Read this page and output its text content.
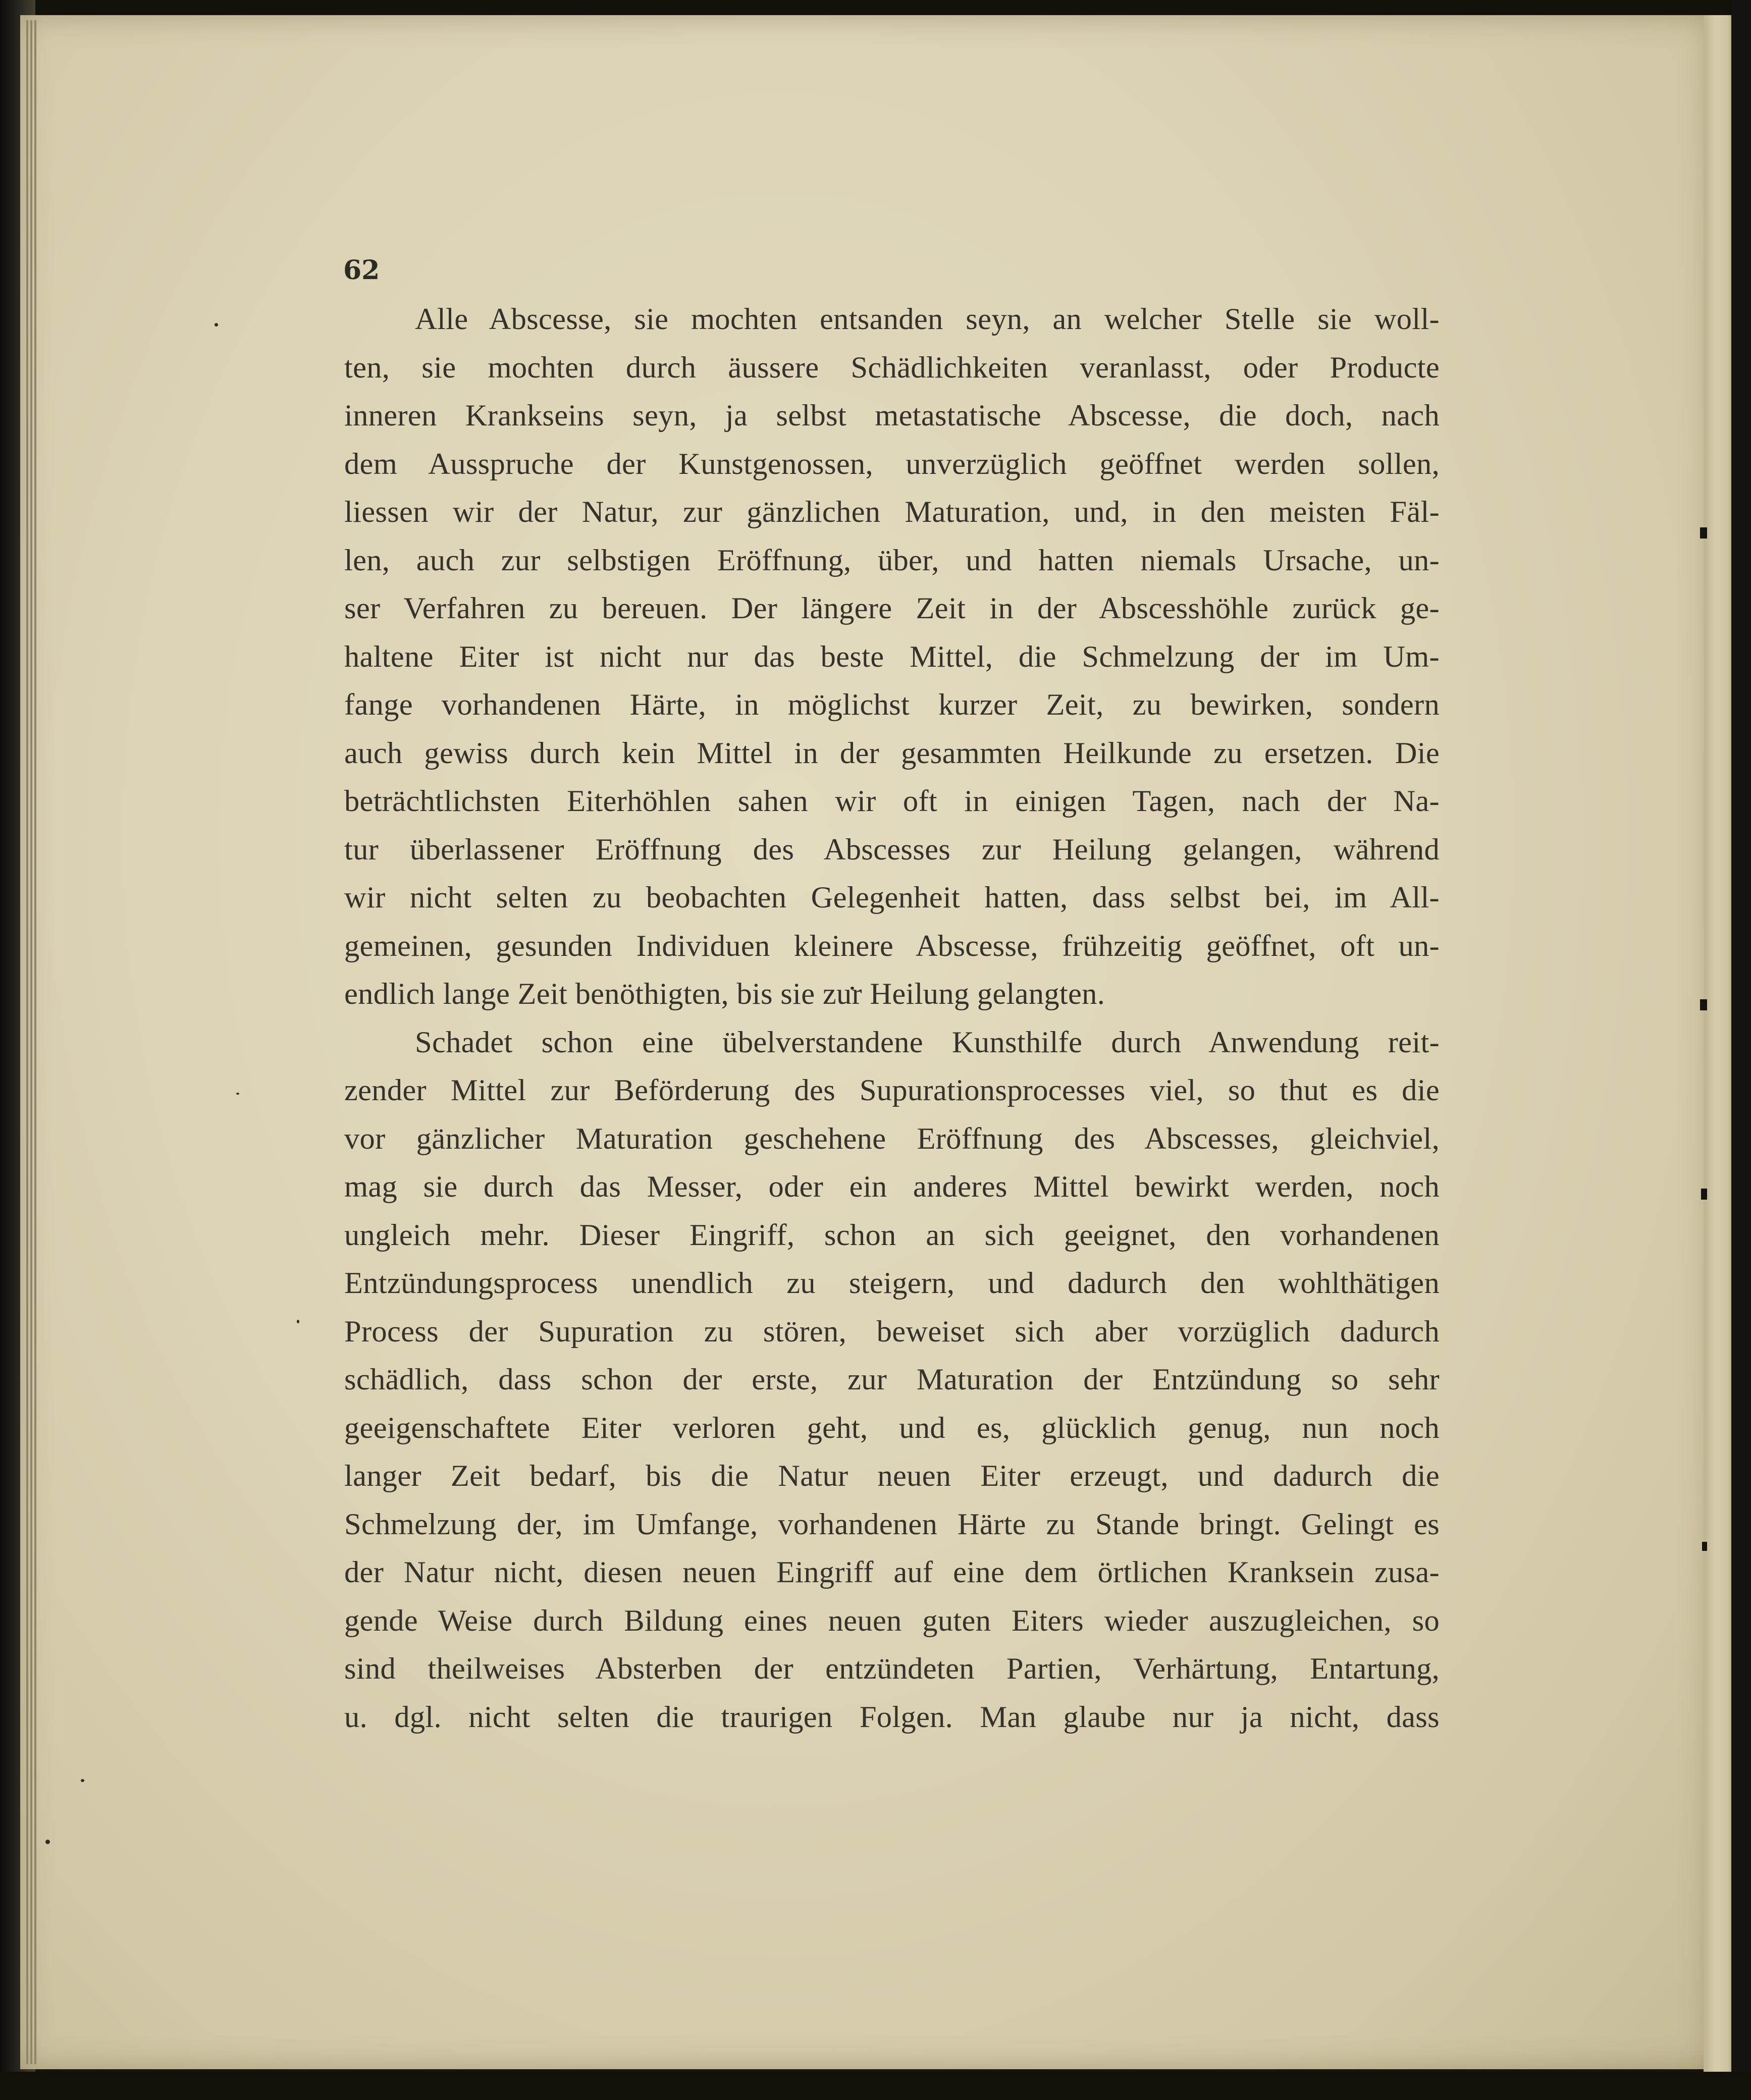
62

Alle Abscesse, sie mochten entsanden seyn, an welcher Stelle sie woll-
ten, sie mochten durch äussere Schädlichkeiten veranlasst, oder Producte
inneren Krankseins seyn, ja selbst metastatische Abscesse, die doch, nach
dem Ausspruche der Kunstgenossen, unverzüglich geöffnet werden sollen,
liessen wir der Natur, zur gänzlichen Maturation, und, in den meisten Fäl-
len, auch zur selbstigen Eröffnung, über, und hatten niemals Ursache, un-
ser Verfahren zu bereuen. Der längere Zeit in der Abscesshöhle zurück ge-
haltene Eiter ist nicht nur das beste Mittel, die Schmelzung der im Um-
fange vorhandenen Härte, in möglichst kurzer Zeit, zu bewirken, sondern
auch gewiss durch kein Mittel in der gesammten Heilkunde zu ersetzen. Die
beträchtlichsten Eiterhöhlen sahen wir oft in einigen Tagen, nach der Na-
tur überlassener Eröffnung des Abscesses zur Heilung gelangen, während
wir nicht selten zu beobachten Gelegenheit hatten, dass selbst bei, im All-
gemeinen, gesunden Individuen kleinere Abscesse, frühzeitig geöffnet, oft un-
endlich lange Zeit benöthigten, bis sie zur Heilung gelangten.

Schadet schon eine übelverstandene Kunsthilfe durch Anwendung reit-
zender Mittel zur Beförderung des Supurationsprocesses viel, so thut es die
vor gänzlicher Maturation geschehene Eröffnung des Abscesses, gleichviel,
mag sie durch das Messer, oder ein anderes Mittel bewirkt werden, noch
ungleich mehr. Dieser Eingriff, schon an sich geeignet, den vorhandenen
Entzündungsprocess unendlich zu steigern, und dadurch den wohlthätigen
Process der Supuration zu stören, beweiset sich aber vorzüglich dadurch
schädlich, dass schon der erste, zur Maturation der Entzündung so sehr
geeigenschaftete Eiter verloren geht, und es, glücklich genug, nun noch
langer Zeit bedarf, bis die Natur neuen Eiter erzeugt, und dadurch die
Schmelzung der, im Umfange, vorhandenen Härte zu Stande bringt. Gelingt es
der Natur nicht, diesen neuen Eingriff auf eine dem örtlichen Kranksein zusa-
gende Weise durch Bildung eines neuen guten Eiters wieder auszugleichen, so
sind theilweises Absterben der entzündeten Partien, Verhärtung, Entartung,
u. dgl. nicht selten die traurigen Folgen. Man glaube nur ja nicht, dass
